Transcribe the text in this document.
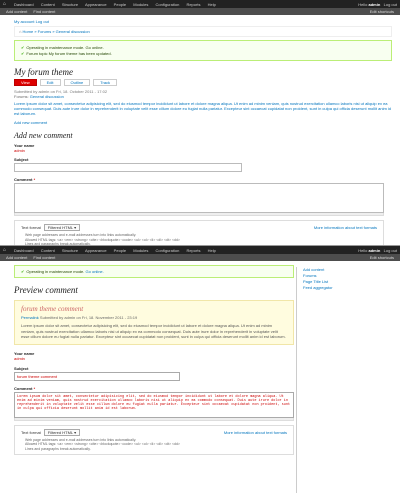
⌂	Dashboard Content Structure Appearance People Modules Configuration Reports Help	Hello admin Log out
Add content Find content	Edit shortcuts
My account Log out
⌂ Home » Forums » General discussion
✔ Operating in maintenance mode. Go online.
✔ Forum topic My forum theme has been updated.
My forum theme
View	Edit	Outline	Track
Submitted by admin on Fri, 18. October 2011 - 17:02
Forums: General discussion
Lorem ipsum dolor sit amet, consectetur adipisicing elit, sed do eiusmod tempor incididunt ut labore et dolore magna aliqua. Ut enim ad minim veniam, quis nostrud exercitation ullamco laboris nisi ut aliquip ex ea commodo consequat. Duis aute irure dolor in reprehenderit in voluptate velit esse cillum dolore eu fugiat nulla pariatur. Excepteur sint occaecat cupidatat non proident, sunt in culpa qui officia deserunt mollit anim id est laborum.
Add new comment
Add new comment
Your name
admin
Subject
Comment *
Text format	Filtered HTML ▾	More information about text formats
Web page addresses and e-mail addresses turn into links automatically.
Allowed HTML tags: <a> <em> <strong> <cite> <blockquote> <code> <ul> <ol> <li> <dl> <dt> <dd>
Lines and paragraphs break automatically.
⌂	Dashboard Content Structure Appearance People Modules Configuration Reports Help	Hello admin Log out
Add content Find content	Edit shortcuts
✔ Operating in maintenance mode. Go online.
Preview comment
forum theme comment
Permalink Submitted by admin on Fri, 18. November 2011 - 23:19
Lorem ipsum dolor sit amet, consectetur adipisicing elit, sed do eiusmod tempor incididunt ut labore et dolore magna aliqua. Ut enim ad minim veniam, quis nostrud exercitation ullamco laboris nisi ut aliquip ex ea commodo consequat. Duis aute irure dolor in reprehenderit in voluptate velit esse cillum dolore eu fugiat nulla pariatur. Excepteur sint occaecat cupidatat non proident, sunt in culpa qui officia deserunt mollit anim id est laborum.
Your name
admin
Subject
forum theme comment
Comment *
Lorem ipsum dolor sit amet, consectetur adipisicing elit, sed do eiusmod tempor incididunt ut labore et dolore magna aliqua. Ut enim ad minim veniam, quis nostrud exercitation ullamco laboris nisi ut aliquip ex ea commodo consequat. Duis aute irure dolor in reprehenderit in voluptate velit esse cillum dolore eu fugiat nulla pariatur. Excepteur sint occaecat cupidatat non proident, sunt in culpa qui officia deserunt mollit anim id est laborum.
Text format	Filtered HTML ▾	More information about text formats
Web page addresses and e-mail addresses turn into links automatically.
Allowed HTML tags: <a> <em> <strong> <cite> <blockquote> <code> <ul> <ol> <li> <dl> <dt> <dd>
Lines and paragraphs break automatically.
Add content
Forums
Page Title List
Feed aggregator
